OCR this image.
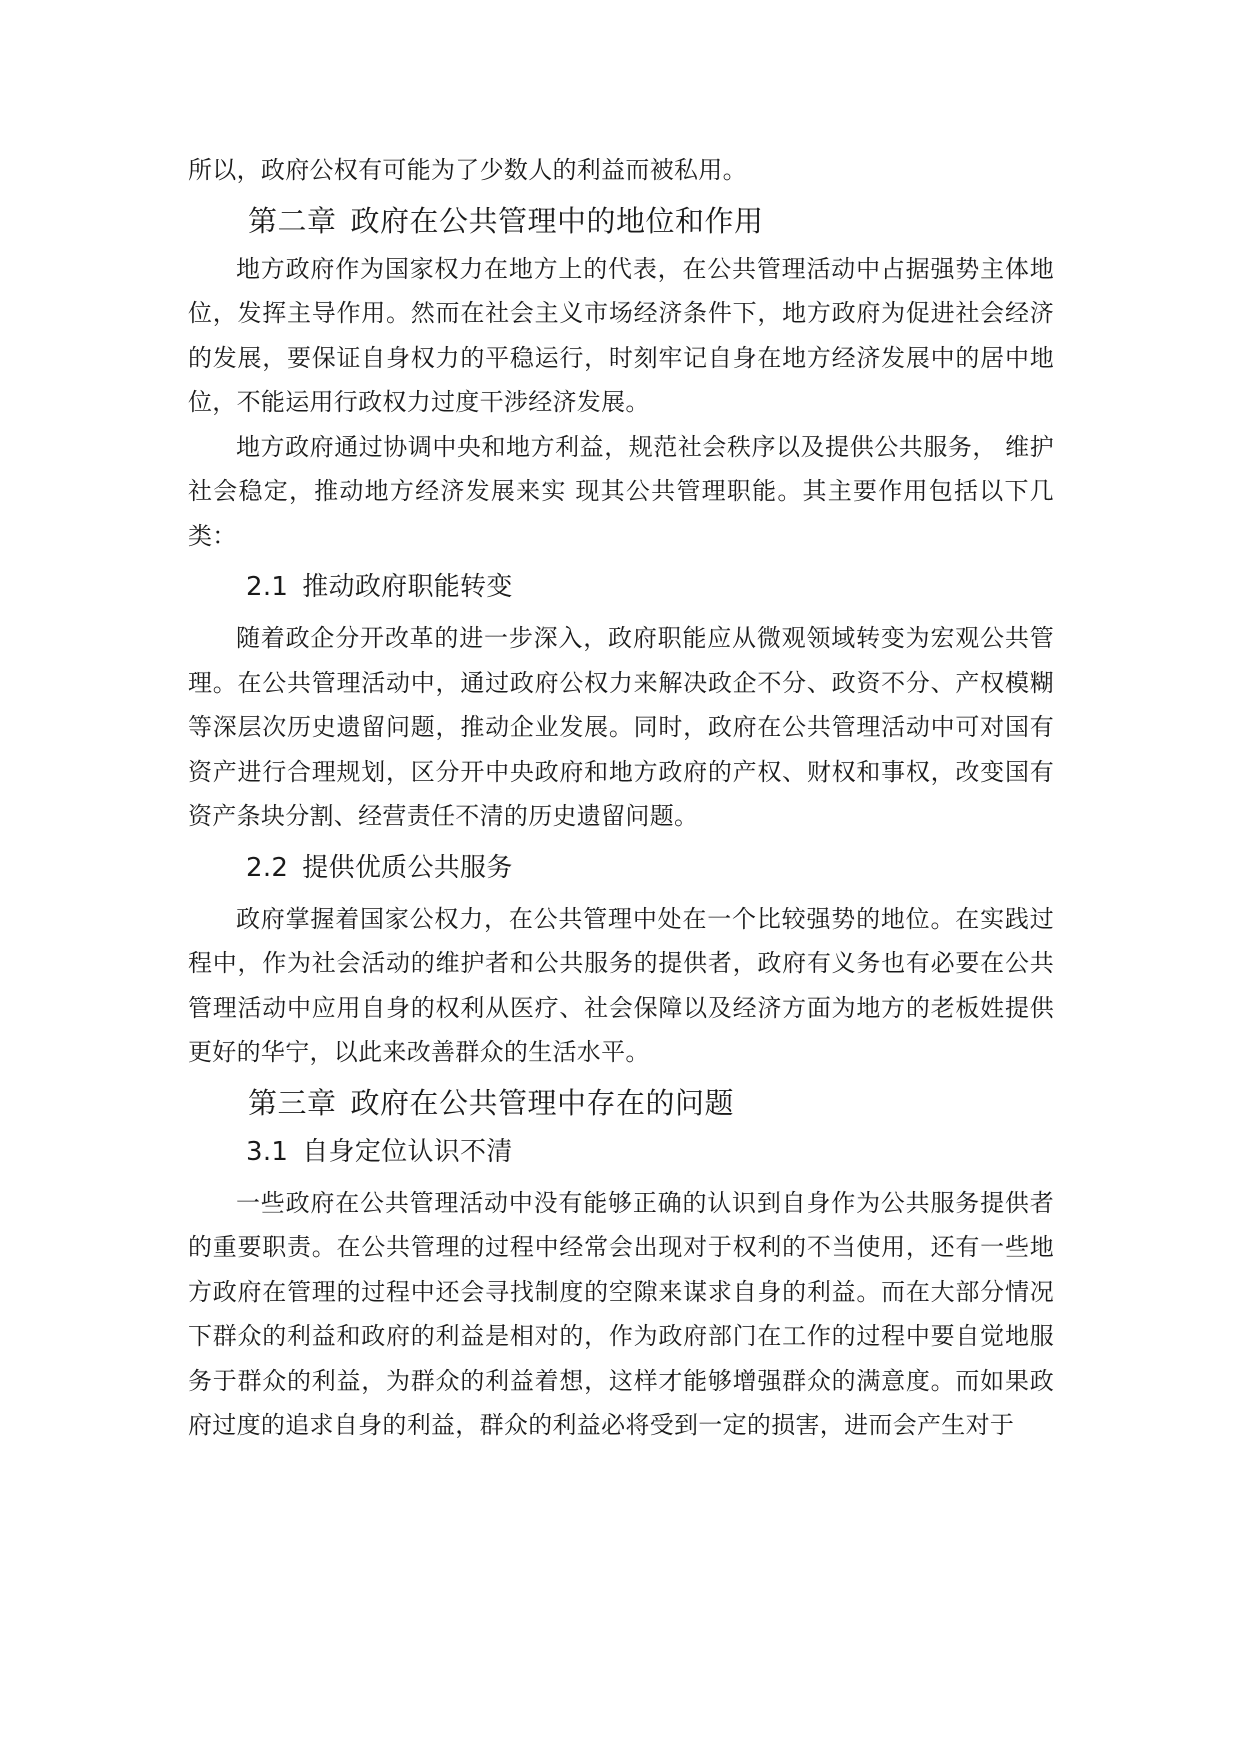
所以，政府公权有可能为了少数人的利益而被私用。

第二章 政府在公共管理中的地位和作用

地方政府作为国家权力在地方上的代表，在公共管理活动中占据强势主体地位，发挥主导作用。然而在社会主义市场经济条件下，地方政府为促进社会经济的发展，要保证自身权力的平稳运行，时刻牢记自身在地方经济发展中的居中地位，不能运用行政权力过度干涉经济发展。

地方政府通过协调中央和地方利益，规范社会秩序以及提供公共服务， 维护社会稳定，推动地方经济发展来实 现其公共管理职能。其主要作用包括以下几类：

2.1 推动政府职能转变

随着政企分开改革的进一步深入，政府职能应从微观领域转变为宏观公共管理。在公共管理活动中，通过政府公权力来解决政企不分、政资不分、产权模糊等深层次历史遗留问题，推动企业发展。同时，政府在公共管理活动中可对国有资产进行合理规划，区分开中央政府和地方政府的产权、财权和事权，改变国有资产条块分割、经营责任不清的历史遗留问题。

2.2 提供优质公共服务

政府掌握着国家公权力，在公共管理中处在一个比较强势的地位。在实践过程中，作为社会活动的维护者和公共服务的提供者，政府有义务也有必要在公共管理活动中应用自身的权利从医疗、社会保障以及经济方面为地方的老板姓提供更好的华宁，以此来改善群众的生活水平。

第三章 政府在公共管理中存在的问题
3.1 自身定位认识不清

一些政府在公共管理活动中没有能够正确的认识到自身作为公共服务提供者的重要职责。在公共管理的过程中经常会出现对于权利的不当使用，还有一些地方政府在管理的过程中还会寻找制度的空隙来谋求自身的利益。而在大部分情况下群众的利益和政府的利益是相对的，作为政府部门在工作的过程中要自觉地服务于群众的利益，为群众的利益着想，这样才能够增强群众的满意度。而如果政府过度的追求自身的利益，群众的利益必将受到一定的损害，进而会产生对于
